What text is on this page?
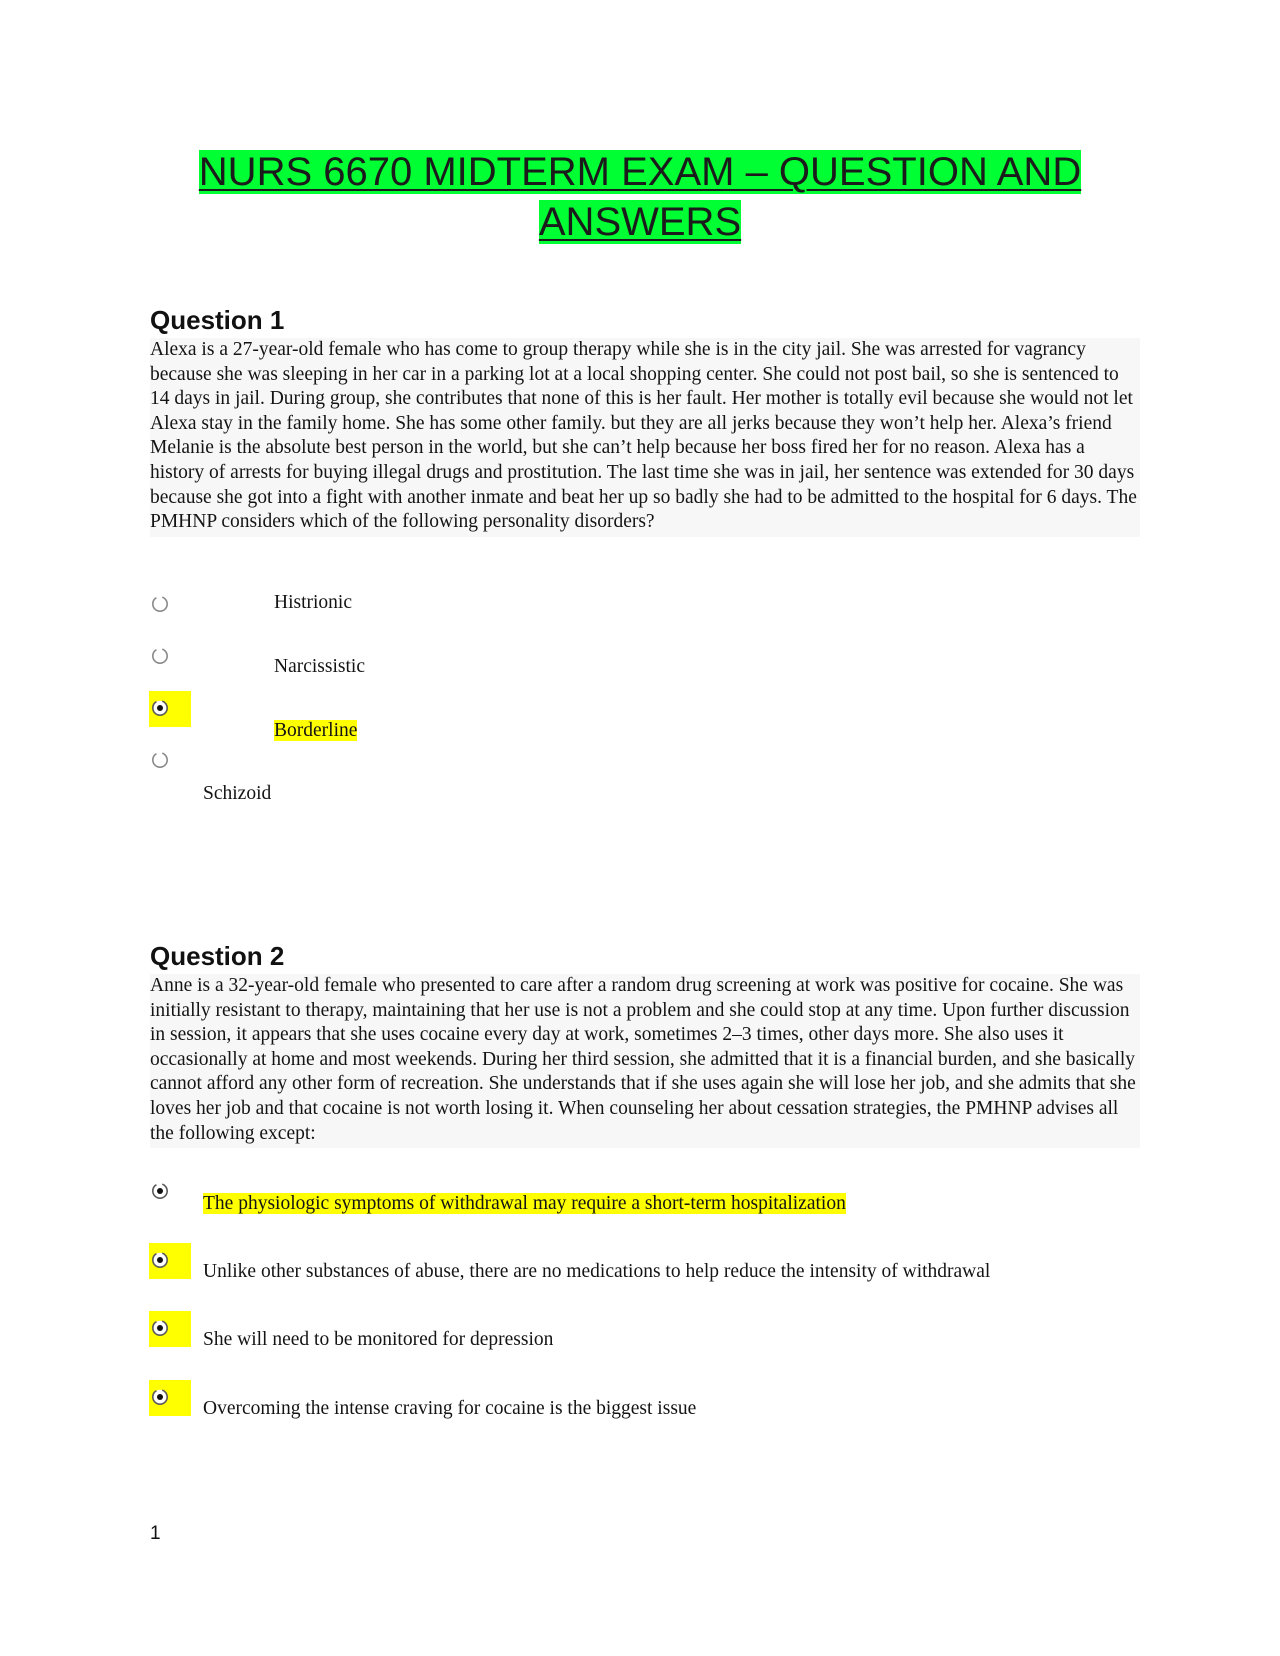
NURS 6670 MIDTERM EXAM – QUESTION AND ANSWERS
Question 1
Alexa is a 27-year-old female who has come to group therapy while she is in the city jail. She was arrested for vagrancy because she was sleeping in her car in a parking lot at a local shopping center. She could not post bail, so she is sentenced to 14 days in jail. During group, she contributes that none of this is her fault. Her mother is totally evil because she would not let Alexa stay in the family home. She has some other family. but they are all jerks because they won’t help her. Alexa’s friend Melanie is the absolute best person in the world, but she can’t help because her boss fired her for no reason. Alexa has a history of arrests for buying illegal drugs and prostitution. The last time she was in jail, her sentence was extended for 30 days because she got into a fight with another inmate and beat her up so badly she had to be admitted to the hospital for 6 days. The PMHNP considers which of the following personality disorders?
Histrionic
Narcissistic
Borderline
Schizoid
Question 2
Anne is a 32-year-old female who presented to care after a random drug screening at work was positive for cocaine. She was initially resistant to therapy, maintaining that her use is not a problem and she could stop at any time. Upon further discussion in session, it appears that she uses cocaine every day at work, sometimes 2–3 times, other days more. She also uses it occasionally at home and most weekends. During her third session, she admitted that it is a financial burden, and she basically cannot afford any other form of recreation. She understands that if she uses again she will lose her job, and she admits that she loves her job and that cocaine is not worth losing it. When counseling her about cessation strategies, the PMHNP advises all the following except:
The physiologic symptoms of withdrawal may require a short-term hospitalization
Unlike other substances of abuse, there are no medications to help reduce the intensity of withdrawal
She will need to be monitored for depression
Overcoming the intense craving for cocaine is the biggest issue
1
